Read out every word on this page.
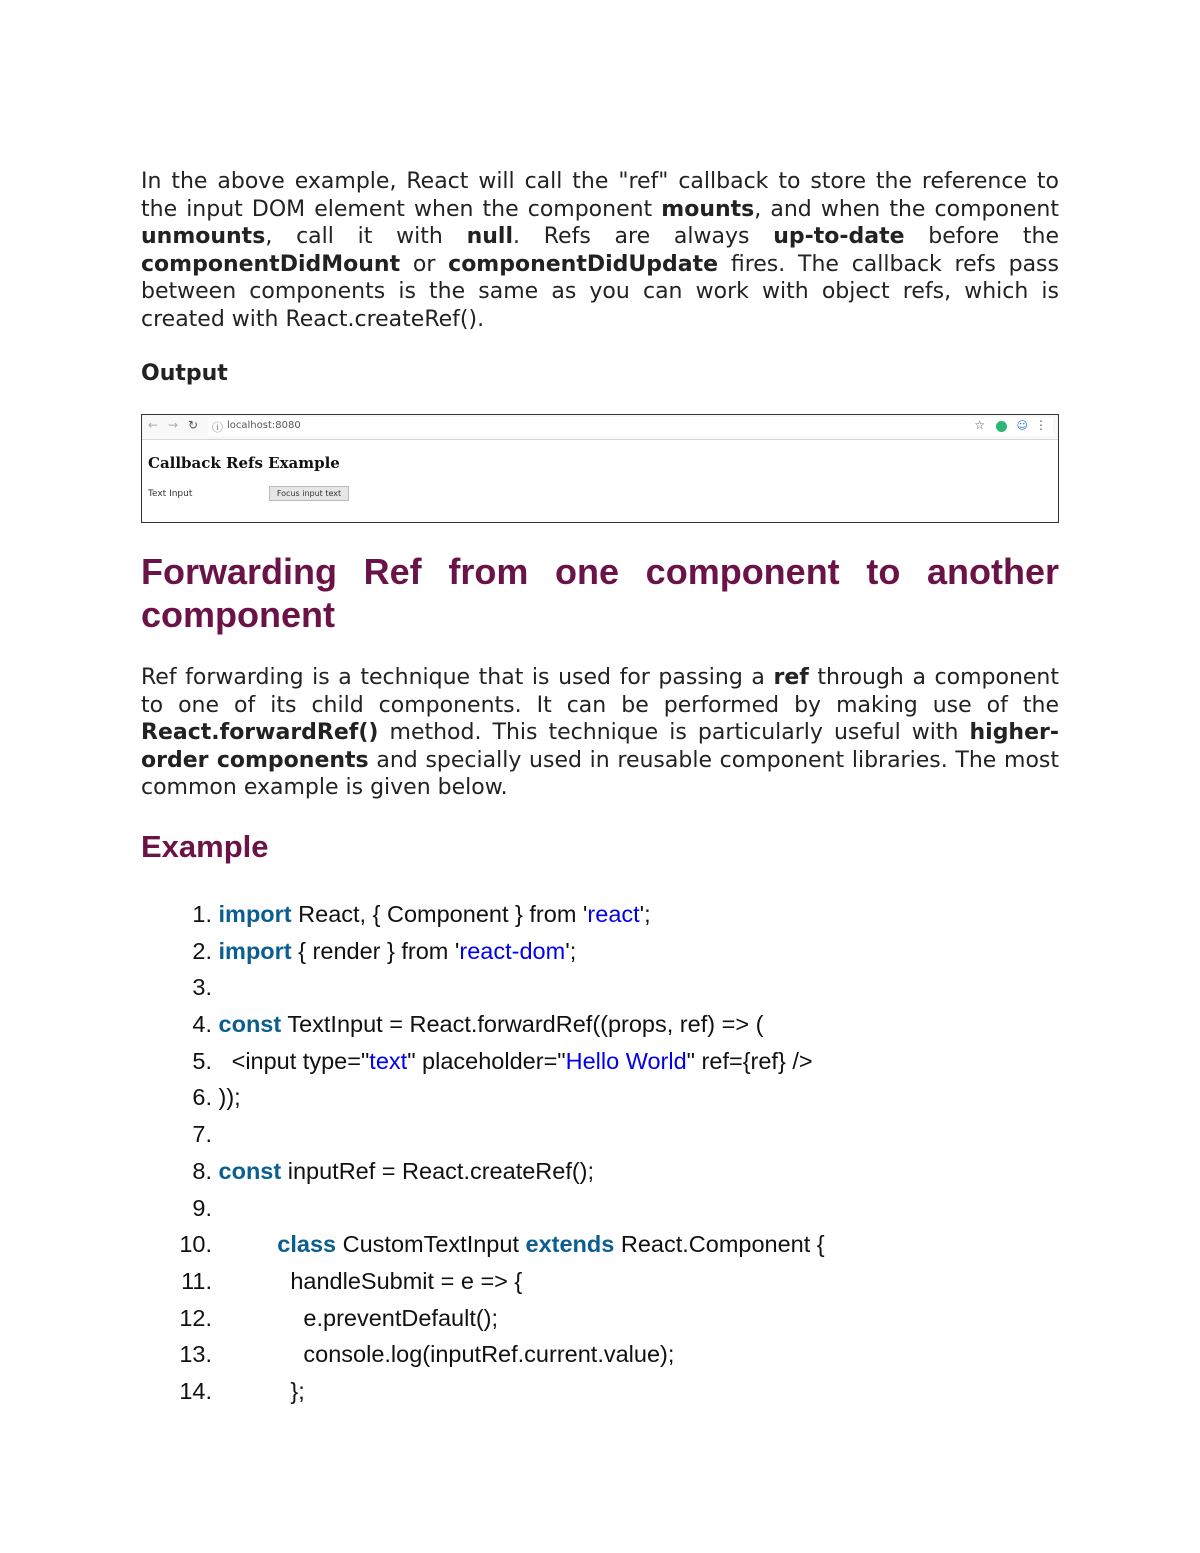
In the above example, React will call the "ref" callback to store the reference to the input DOM element when the component mounts, and when the component unmounts, call it with null. Refs are always up-to-date before the componentDidMount or componentDidUpdate fires. The callback refs pass between components is the same as you can work with object refs, which is created with React.createRef().

Output

← → ↻ ⓘ localhost:8080	☆	☺ ⋮
Callback Refs Example
Text Input	Focus input text
Forwarding Ref from one component to another
component

Ref forwarding is a technique that is used for passing a ref through a component to one of its child components. It can be performed by making use of the React.forwardRef() method. This technique is particularly useful with higher-order components and specially used in reusable component libraries. The most common example is given below.

Example
1. import React, { Component } from 'react';
2. import { render } from 'react-dom';
3.
4. const TextInput = React.forwardRef((props, ref) => (
5. <input type="text" placeholder="Hello World" ref={ref} />
6. ));
7.
8. const inputRef = React.createRef();
9.
10.	class CustomTextInput extends React.Component {
11. handleSubmit = e => {
12. e.preventDefault();
13. console.log(inputRef.current.value);
14. };
